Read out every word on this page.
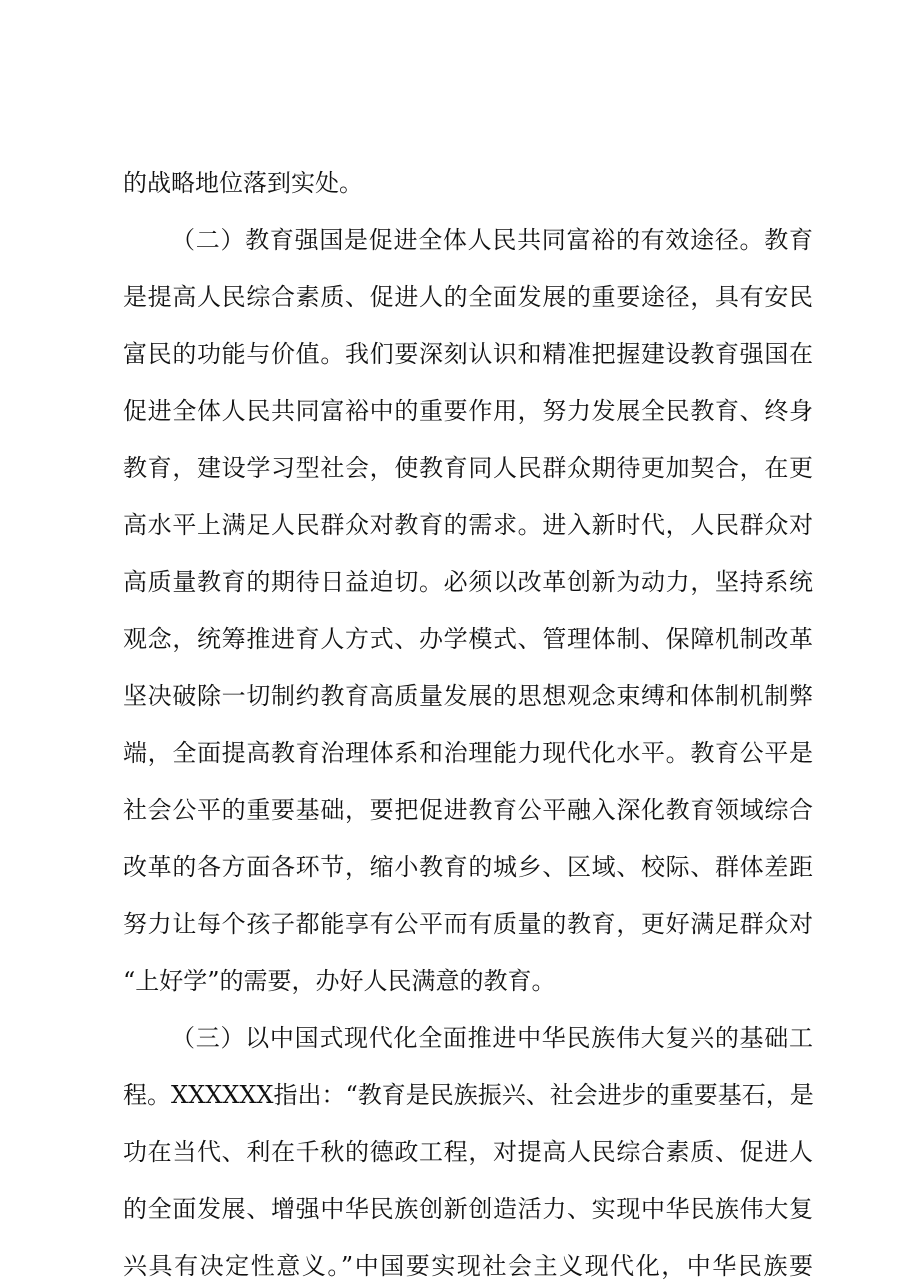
的战略地位落到实处。
（二）教育强国是促进全体人民共同富裕的有效途径。教育
是提高人民综合素质、促进人的全面发展的重要途径，具有安民
富民的功能与价值。我们要深刻认识和精准把握建设教育强国在
促进全体人民共同富裕中的重要作用，努力发展全民教育、终身
教育，建设学习型社会，使教育同人民群众期待更加契合，在更
高水平上满足人民群众对教育的需求。进入新时代，人民群众对
高质量教育的期待日益迫切。必须以改革创新为动力，坚持系统
观念，统筹推进育人方式、办学模式、管理体制、保障机制改革
坚决破除一切制约教育高质量发展的思想观念束缚和体制机制弊
端，全面提高教育治理体系和治理能力现代化水平。教育公平是
社会公平的重要基础，要把促进教育公平融入深化教育领域综合
改革的各方面各环节，缩小教育的城乡、区域、校际、群体差距
努力让每个孩子都能享有公平而有质量的教育，更好满足群众对
“上好学”的需要，办好人民满意的教育。
（三）以中国式现代化全面推进中华民族伟大复兴的基础工
程。XXXXXX指出：“教育是民族振兴、社会进步的重要基石，是
功在当代、利在千秋的德政工程，对提高人民综合素质、促进人
的全面发展、增强中华民族创新创造活力、实现中华民族伟大复
兴具有决定性意义。”中国要实现社会主义现代化，中华民族要
